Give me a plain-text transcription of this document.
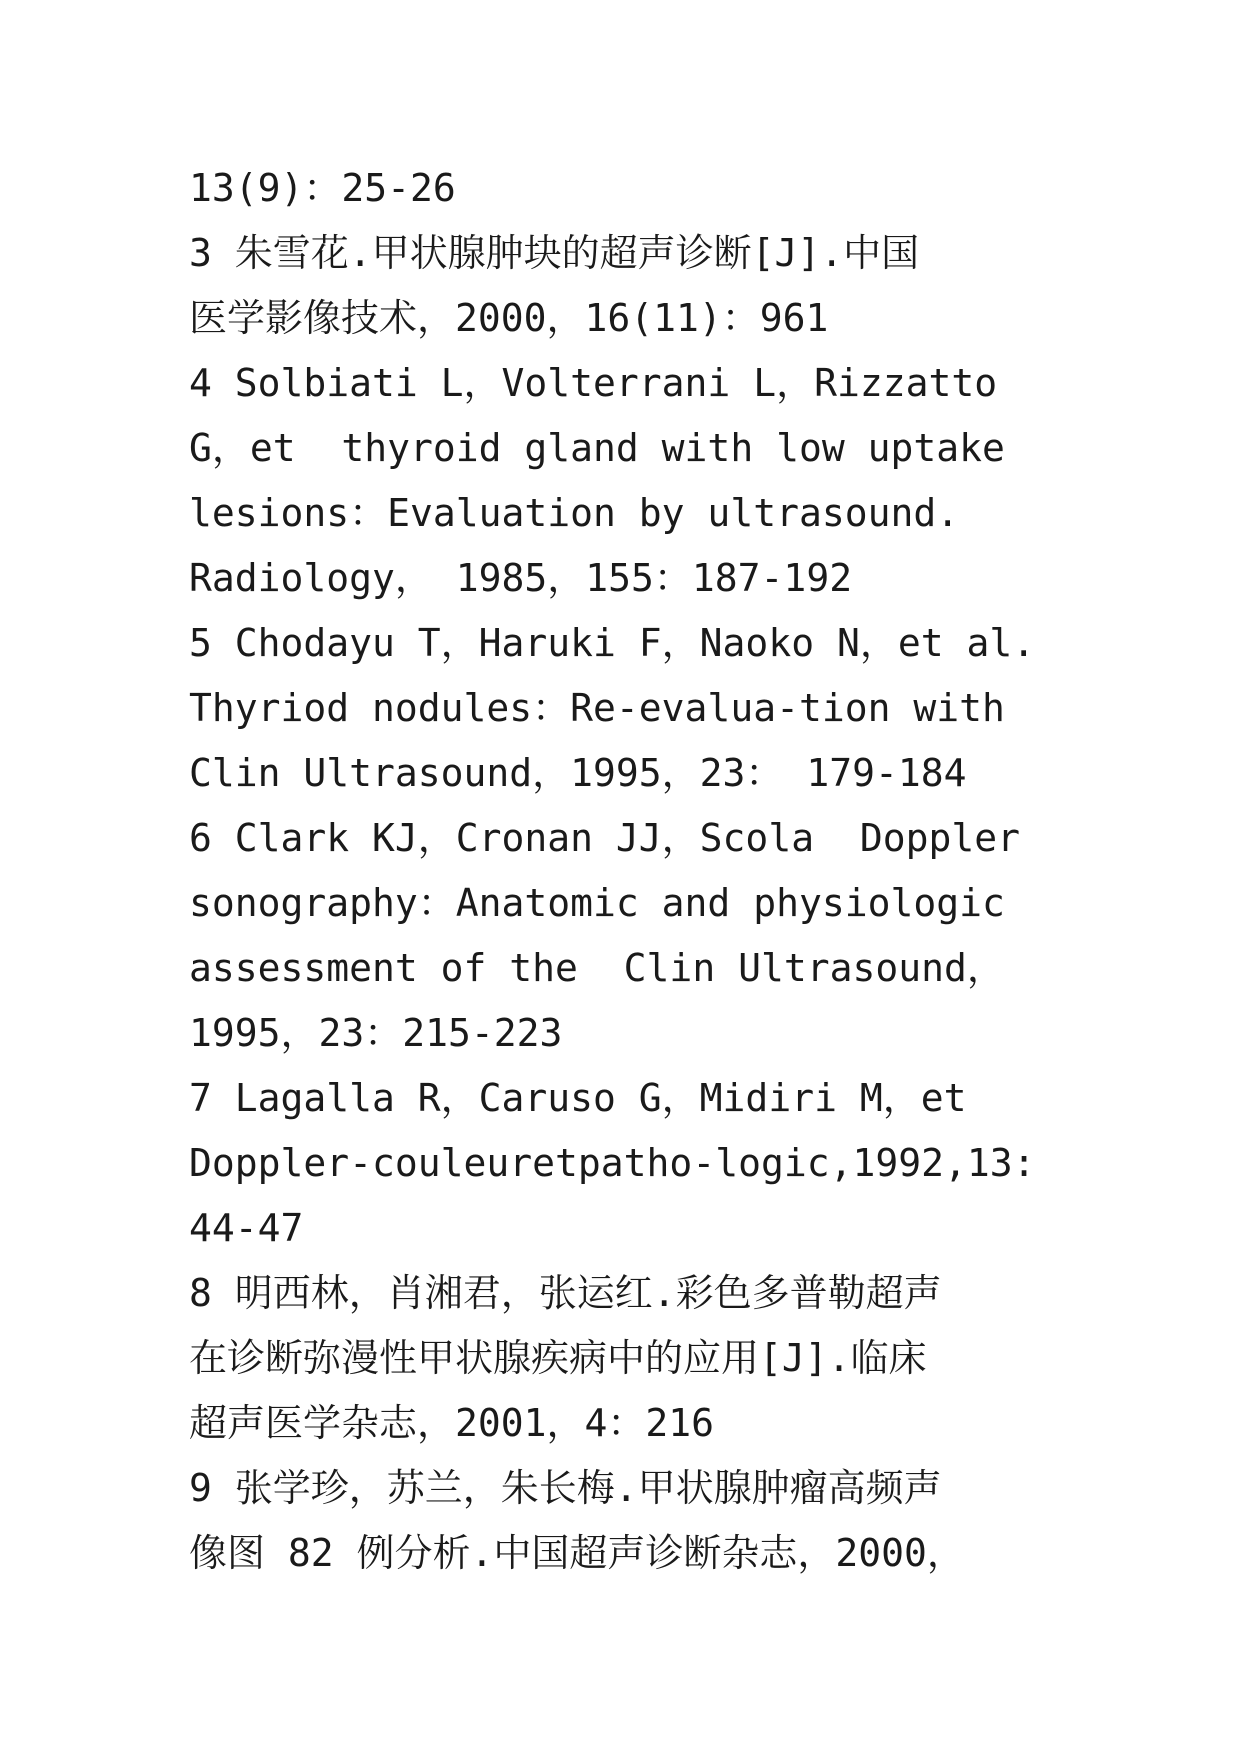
13(9)：25-26
3 朱雪花.甲状腺肿块的超声诊断[J].中国
医学影像技术，2000，16(11)：961
4 Solbiati L，Volterrani L，Rizzatto
G，et  thyroid gland with low uptake
lesions：Evaluation by ultrasound.
Radiology， 1985，155：187-192
5 Chodayu T，Haruki F，Naoko N，et al.
Thyriod nodules：Re-evalua-tion with
Clin Ultrasound，1995，23： 179-184
6 Clark KJ，Cronan JJ，Scola  Doppler
sonography：Anatomic and physiologic
assessment of the  Clin Ultrasound，
1995，23：215-223
7 Lagalla R，Caruso G，Midiri M，et
Doppler-couleuretpatho-logic,1992,13:
44-47
8 明西林，肖湘君，张运红.彩色多普勒超声
在诊断弥漫性甲状腺疾病中的应用[J].临床
超声医学杂志，2001，4：216
9 张学珍，苏兰，朱长梅.甲状腺肿瘤高频声
像图 82 例分析.中国超声诊断杂志，2000，
